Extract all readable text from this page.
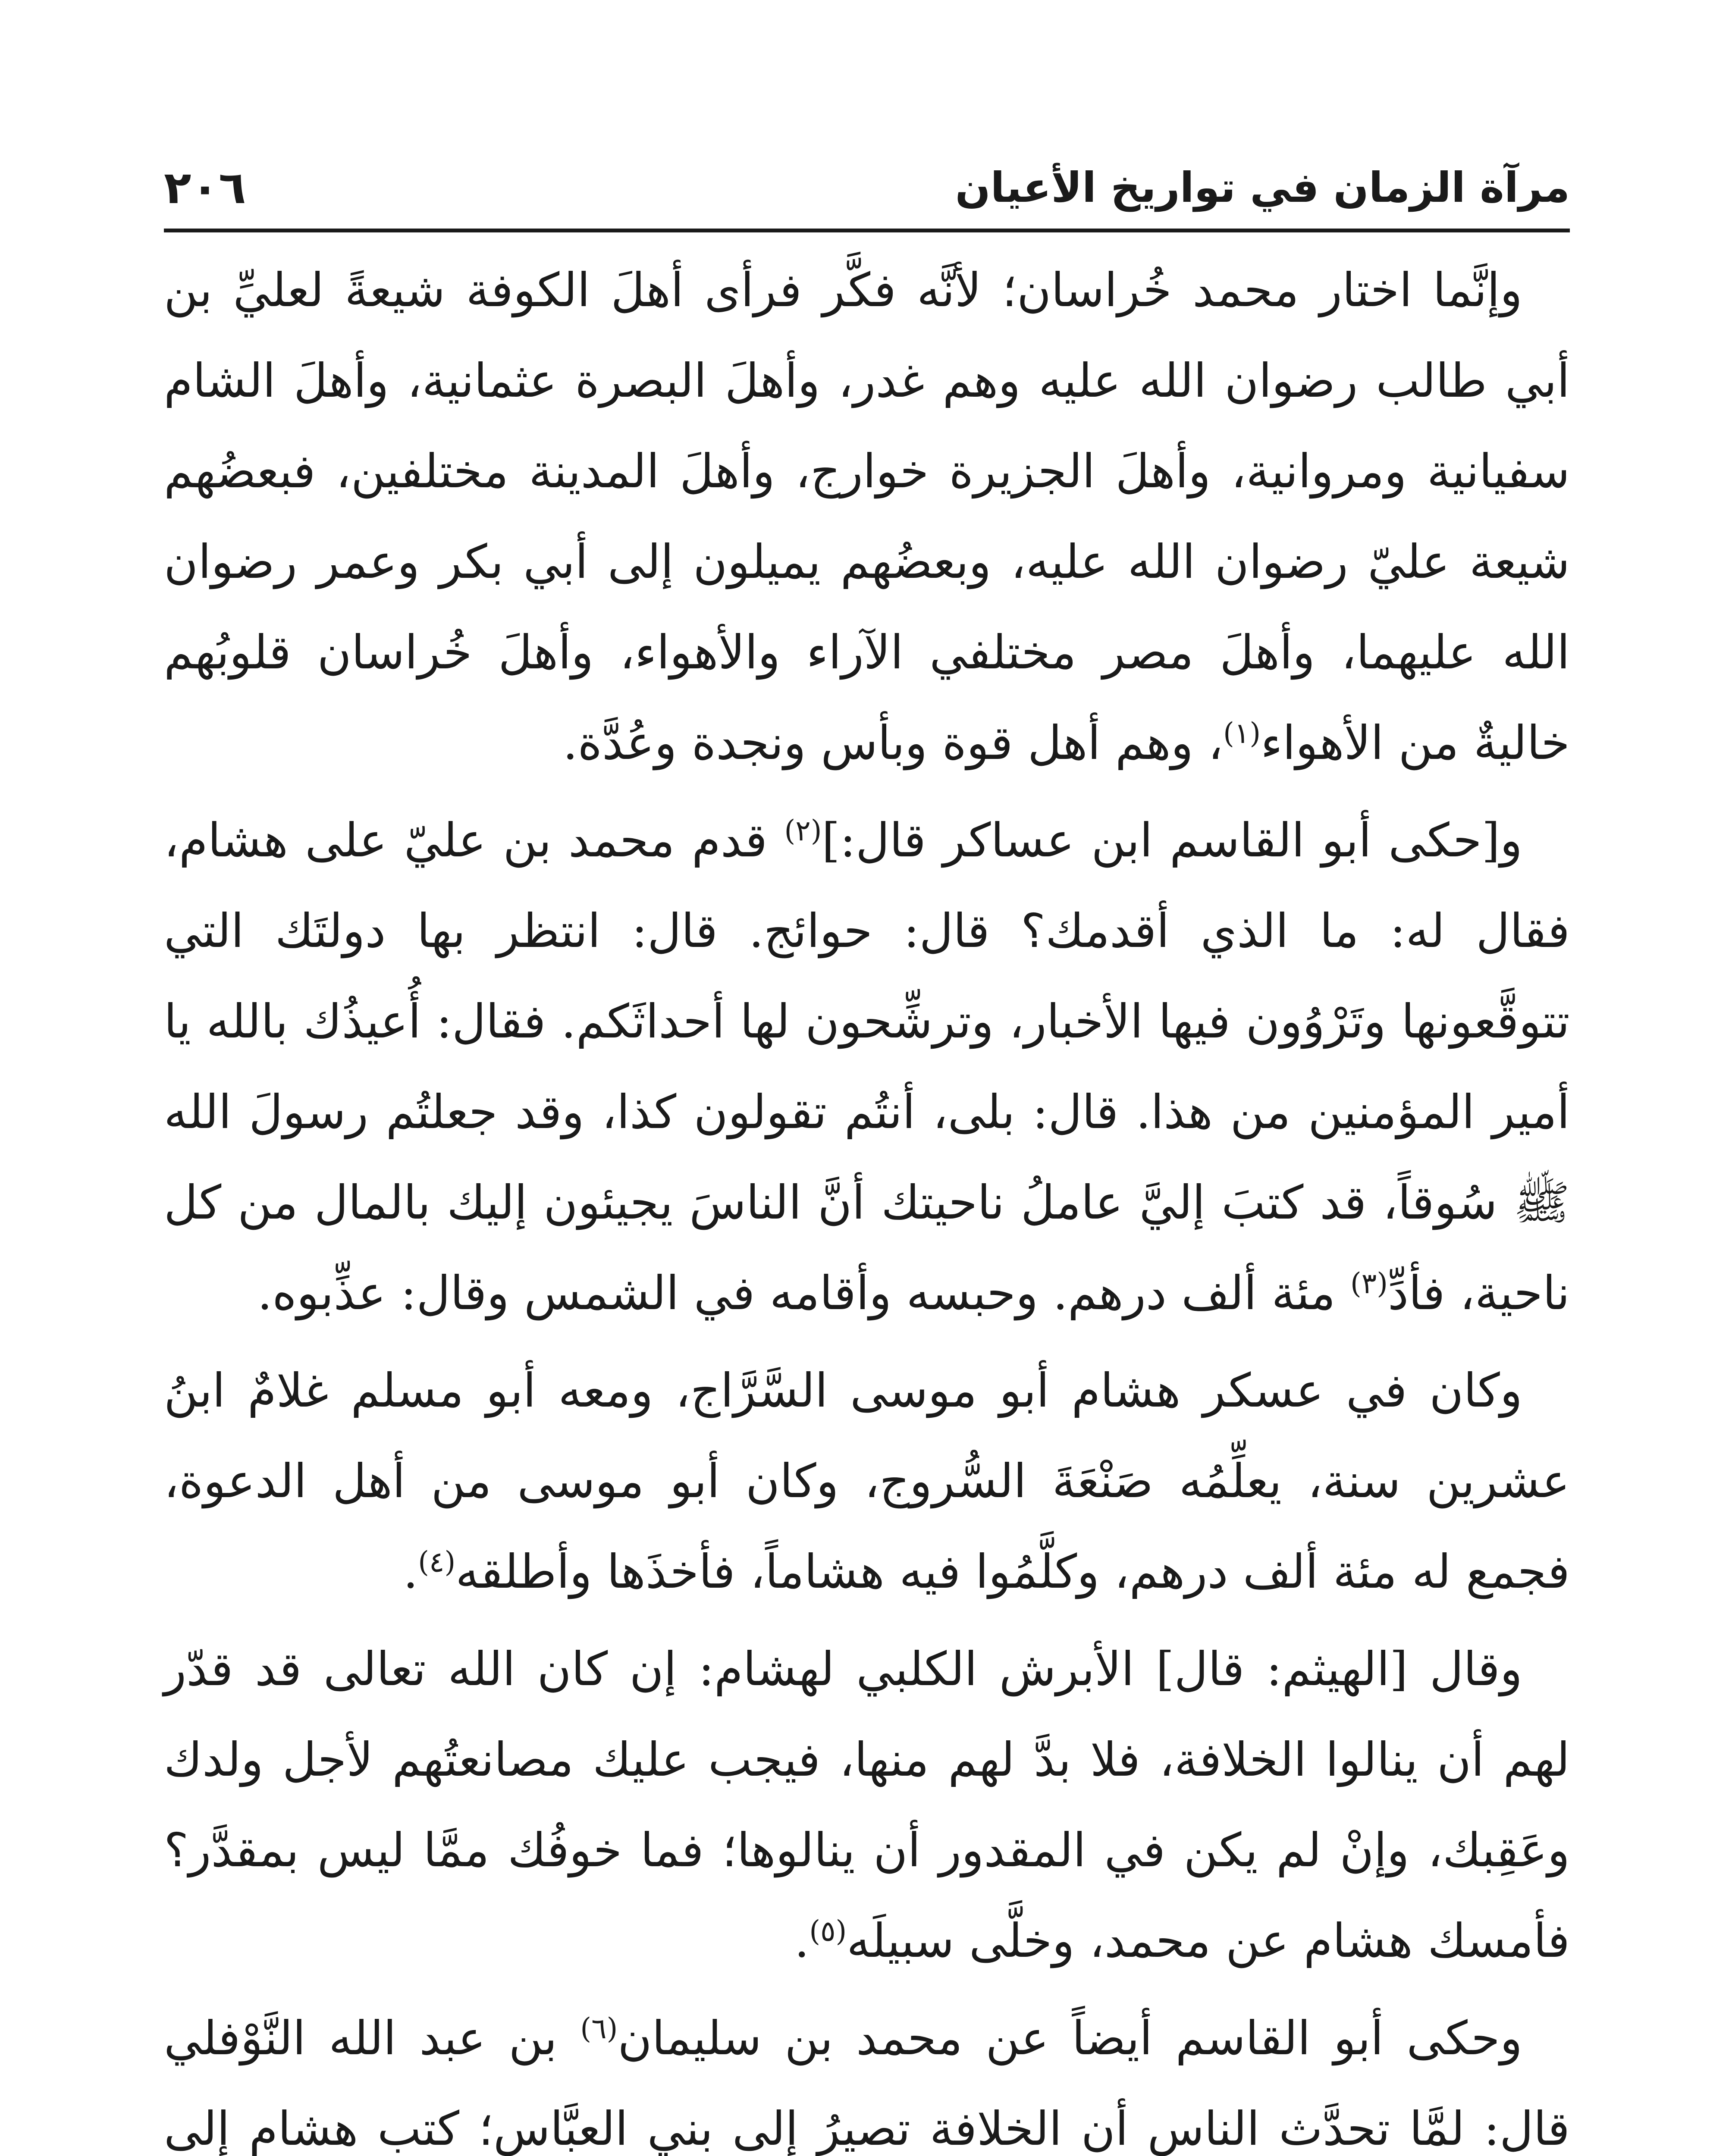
مرآة الزمان في تواريخ الأعيان
٢٠٦

وإنَّما اختار محمد خُراسان؛ لأنَّه فكَّر فرأى أهلَ الكوفة شيعةً لعليِّ بن أبي طالب رضوان الله عليه وهم غدر، وأهلَ البصرة عثمانية، وأهلَ الشام سفيانية ومروانية، وأهلَ الجزيرة خوارج، وأهلَ المدينة مختلفين، فبعضُهم شيعة عليّ رضوان الله عليه، وبعضُهم يميلون إلى أبي بكر وعمر رضوان الله عليهما، وأهلَ مصر مختلفي الآراء والأهواء، وأهلَ خُراسان قلوبُهم خاليةٌ من الأهواء$^{(١)}$، وهم أهل قوة وبأس ونجدة وعُدَّة.

و[حكى أبو القاسم ابن عساكر قال:]$^{(٢)}$ قدم محمد بن عليّ على هشام، فقال له: ما الذي أقدمك؟ قال: حوائج. قال: انتظر بها دولتَك التي تتوقَّعونها وتَرْوُون فيها الأخبار، وترشِّحون لها أحداثَكم. فقال: أُعيذُك بالله يا أمير المؤمنين من هذا. قال: بلى، أنتُم تقولون كذا، وقد جعلتُم رسولَ الله ﷺ سُوقاً، قد كتبَ إليَّ عاملُ ناحيتك أنَّ الناسَ يجيئون إليك بالمال من كل ناحية، فأدِّ$^{(٣)}$ مئة ألف درهم. وحبسه وأقامه في الشمس وقال: عذِّبوه.

وكان في عسكر هشام أبو موسى السَّرَّاج، ومعه أبو مسلم غلامٌ ابنُ عشرين سنة، يعلِّمُه صَنْعَةَ السُّروج، وكان أبو موسى من أهل الدعوة، فجمع له مئة ألف درهم، وكلَّمُوا فيه هشاماً، فأخذَها وأطلقه$^{(٤)}$.

وقال [الهيثم: قال] الأبرش الكلبي لهشام: إن كان الله تعالى قد قدّر لهم أن ينالوا الخلافة، فلا بدَّ لهم منها، فيجب عليك مصانعتُهم لأجل ولدك وعَقِبك، وإنْ لم يكن في المقدور أن ينالوها؛ فما خوفُك ممَّا ليس بمقدَّر؟ فأمسك هشام عن محمد، وخلَّى سبيلَه$^{(٥)}$.

وحكى أبو القاسم أيضاً عن محمد بن سليمان$^{(٦)}$ بن عبد الله النَّوْفلي قال: لمَّا تحدَّث الناس أن الخلافة تصيرُ إلى بني العبَّاس؛ كتب هشام إلى
